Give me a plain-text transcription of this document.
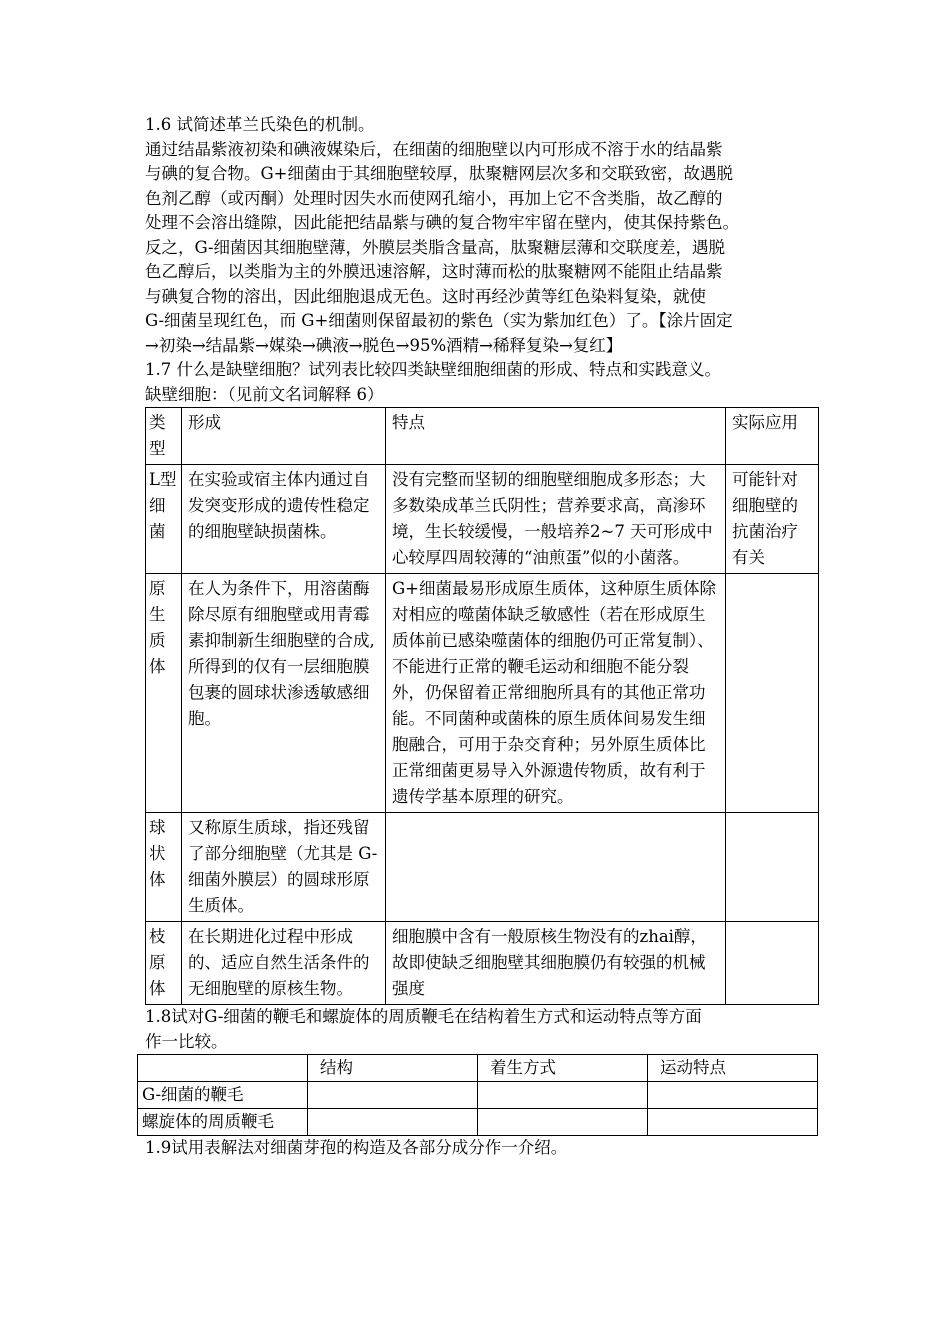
1.6 试简述革兰氏染色的机制。
通过结晶紫液初染和碘液媒染后，在细菌的细胞壁以内可形成不溶于水的结晶紫
与碘的复合物。G+细菌由于其细胞壁较厚，肽聚糖网层次多和交联致密，故遇脱
色剂乙醇（或丙酮）处理时因失水而使网孔缩小，再加上它不含类脂，故乙醇的
处理不会溶出缝隙，因此能把结晶紫与碘的复合物牢牢留在壁内，使其保持紫色。
反之，G-细菌因其细胞壁薄，外膜层类脂含量高，肽聚糖层薄和交联度差，遇脱
色乙醇后，以类脂为主的外膜迅速溶解，这时薄而松的肽聚糖网不能阻止结晶紫
与碘复合物的溶出，因此细胞退成无色。这时再经沙黄等红色染料复染，就使
G-细菌呈现红色，而 G+细菌则保留最初的紫色（实为紫加红色）了。【涂片固定
→初染→结晶紫→媒染→碘液→脱色→95%酒精→稀释复染→复红】
1.7 什么是缺壁细胞？试列表比较四类缺壁细胞细菌的形成、特点和实践意义。
缺壁细胞：（见前文名词解释 6）
类型	形成	特点	实际应用
L型细菌	在实验或宿主体内通过自发突变形成的遗传性稳定的细胞壁缺损菌株。	没有完整而坚韧的细胞壁细胞成多形态；大多数染成革兰氏阴性；营养要求高，高渗环境，生长较缓慢，一般培养2~7 天可形成中心较厚四周较薄的“油煎蛋”似的小菌落。	可能针对细胞壁的抗菌治疗有关
原生质体	在人为条件下，用溶菌酶除尽原有细胞壁或用青霉素抑制新生细胞壁的合成,所得到的仅有一层细胞膜包裹的圆球状渗透敏感细胞。	G+细菌最易形成原生质体，这种原生质体除对相应的噬菌体缺乏敏感性（若在形成原生质体前已感染噬菌体的细胞仍可正常复制）、不能进行正常的鞭毛运动和细胞不能分裂外，仍保留着正常细胞所具有的其他正常功能。不同菌种或菌株的原生质体间易发生细胞融合，可用于杂交育种；另外原生质体比正常细菌更易导入外源遗传物质，故有利于遗传学基本原理的研究。	
球状体	又称原生质球，指还残留了部分细胞壁（尤其是 G-细菌外膜层）的圆球形原生质体。		
枝原体	在长期进化过程中形成的、适应自然生活条件的无细胞壁的原核生物。	细胞膜中含有一般原核生物没有的zhai醇，故即使缺乏细胞壁其细胞膜仍有较强的机械强度	
1.8试对G-细菌的鞭毛和螺旋体的周质鞭毛在结构着生方式和运动特点等方面
作一比较。
	结构	着生方式	运动特点
G-细菌的鞭毛			
螺旋体的周质鞭毛			
1.9试用表解法对细菌芽孢的构造及各部分成分作一介绍。
